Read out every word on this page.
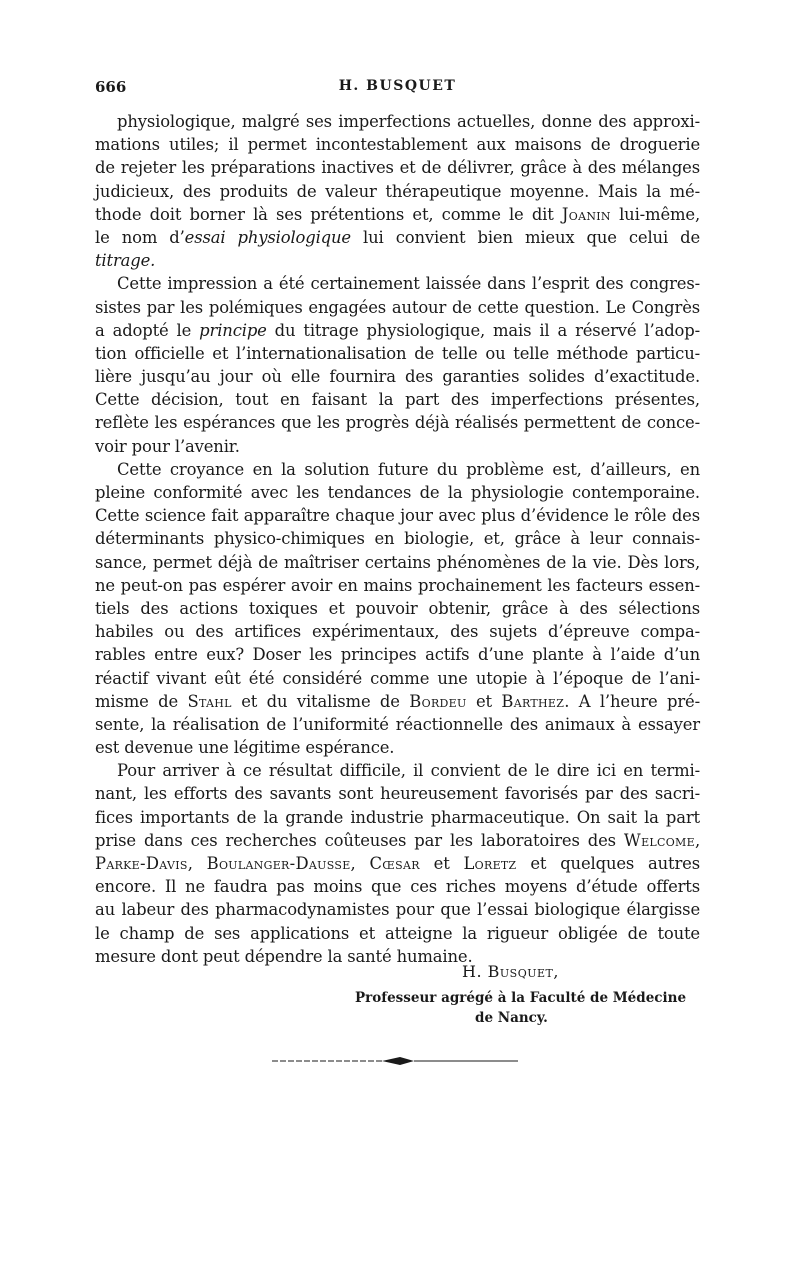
666	H. BUSQUET
physiologique, malgré ses imperfections actuelles, donne des approxi-
mations utiles; il permet incontestablement aux maisons de droguerie
de rejeter les préparations inactives et de délivrer, grâce à des mélanges
judicieux, des produits de valeur thérapeutique moyenne. Mais la mé-
thode doit borner là ses prétentions et, comme le dit Joanin lui-même,
le nom d’essai physiologique lui convient bien mieux que celui de
titrage.
Cette impression a été certainement laissée dans l’esprit des congres-
sistes par les polémiques engagées autour de cette question. Le Congrès
a adopté le principe du titrage physiologique, mais il a réservé l’adop-
tion officielle et l’internationalisation de telle ou telle méthode particu-
lière jusqu’au jour où elle fournira des garanties solides d’exactitude.
Cette décision, tout en faisant la part des imperfections présentes,
reflète les espérances que les progrès déjà réalisés permettent de conce-
voir pour l’avenir.
Cette croyance en la solution future du problème est, d’ailleurs, en
pleine conformité avec les tendances de la physiologie contemporaine.
Cette science fait apparaître chaque jour avec plus d’évidence le rôle des
déterminants physico-chimiques en biologie, et, grâce à leur connais-
sance, permet déjà de maîtriser certains phénomènes de la vie. Dès lors,
ne peut-on pas espérer avoir en mains prochainement les facteurs essen-
tiels des actions toxiques et pouvoir obtenir, grâce à des sélections
habiles ou des artifices expérimentaux, des sujets d’épreuve compa-
rables entre eux? Doser les principes actifs d’une plante à l’aide d’un
réactif vivant eût été considéré comme une utopie à l’époque de l’ani-
misme de Stahl et du vitalisme de Bordeu et Barthez. A l’heure pré-
sente, la réalisation de l’uniformité réactionnelle des animaux à essayer
est devenue une légitime espérance.
Pour arriver à ce résultat difficile, il convient de le dire ici en termi-
nant, les efforts des savants sont heureusement favorisés par des sacri-
fices importants de la grande industrie pharmaceutique. On sait la part
prise dans ces recherches coûteuses par les laboratoires des Welcome,
Parke-Davis, Boulanger-Dausse, Cœsar et Loretz et quelques autres
encore. Il ne faudra pas moins que ces riches moyens d’étude offerts
au labeur des pharmacodynamistes pour que l’essai biologique élargisse
le champ de ses applications et atteigne la rigueur obligée de toute
mesure dont peut dépendre la santé humaine.
H. Busquet,
Professeur agrégé à la Faculté de Médecine
de Nancy.
